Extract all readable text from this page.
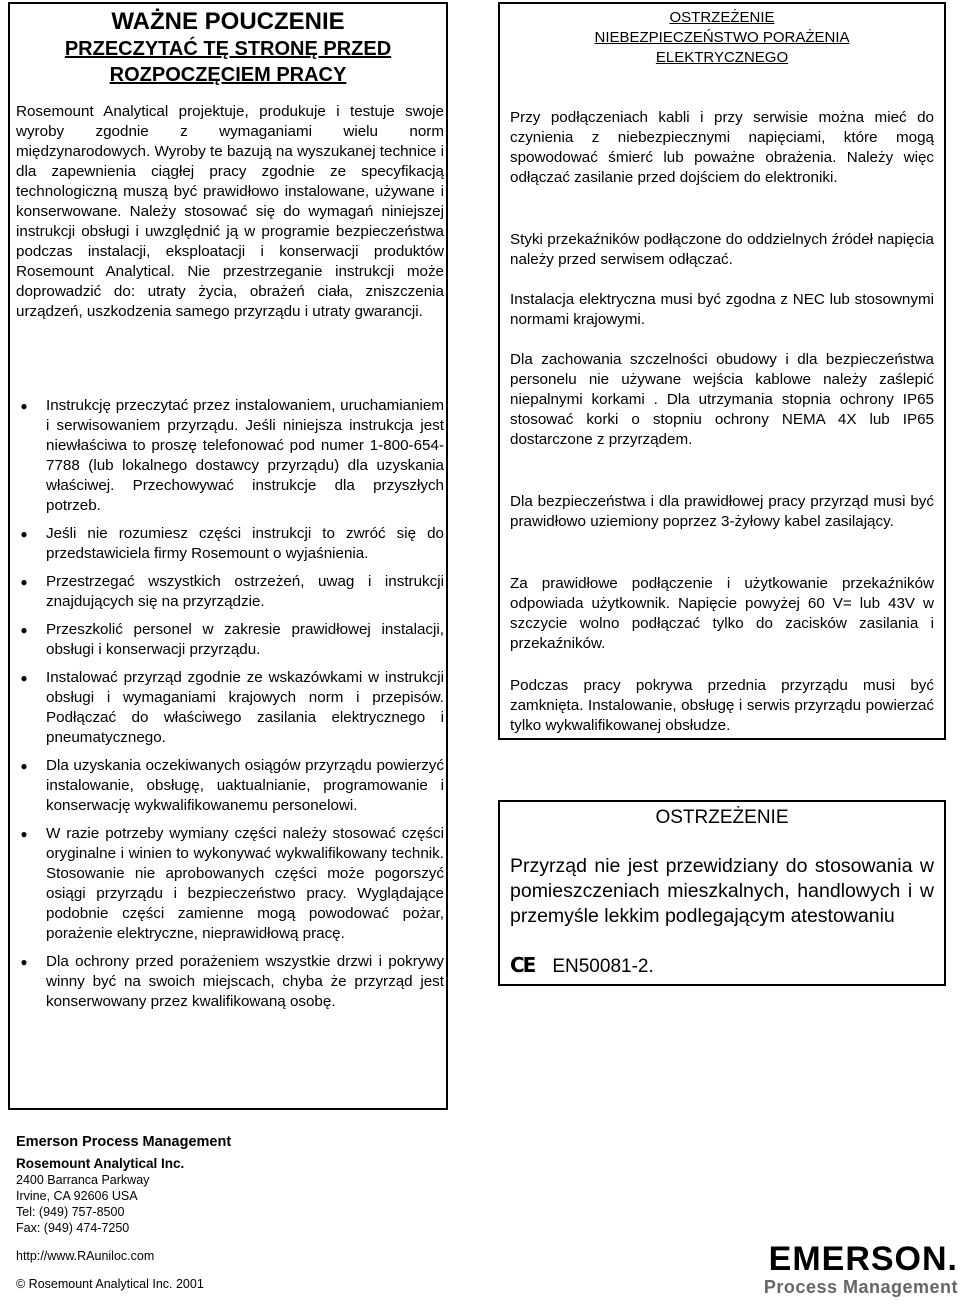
WAŻNE POUCZENIE
PRZECZYTAĆ TĘ STRONĘ PRZED
ROZPOCZĘCIEM PRACY

Rosemount Analytical projektuje, produkuje i testuje swoje wyroby zgodnie z wymaganiami wielu norm międzynarodowych. Wyroby te bazują na wyszukanej technice i dla zapewnienia ciągłej pracy zgodnie ze specyfikacją technologiczną muszą być prawidłowo instalowane, używane i konserwowane. Należy stosować się do wymagań niniejszej instrukcji obsługi i uwzględnić ją w programie bezpieczeństwa podczas instalacji, eksploatacji i konserwacji produktów Rosemount Analytical. Nie przestrzeganie instrukcji może doprowadzić do: utraty życia, obrażeń ciała, zniszczenia urządzeń, uszkodzenia samego przyrządu i utraty gwarancji.

● Instrukcję przeczytać przez instalowaniem, uruchamianiem i serwisowaniem przyrządu. Jeśli niniejsza instrukcja jest niewłaściwa to proszę telefonować pod numer 1-800-654-7788 (lub lokalnego dostawcy przyrządu) dla uzyskania właściwej. Przechowywać instrukcje dla przyszłych potrzeb.
● Jeśli nie rozumiesz części instrukcji to zwróć się do przedstawiciela firmy Rosemount o wyjaśnienia.
● Przestrzegać wszystkich ostrzeżeń, uwag i instrukcji znajdujących się na przyrządzie.
● Przeszkolić personel w zakresie prawidłowej instalacji, obsługi i konserwacji przyrządu.
● Instalować przyrząd zgodnie ze wskazówkami w instrukcji obsługi i wymaganiami krajowych norm i przepisów. Podłączać do właściwego zasilania elektrycznego i pneumatycznego.
● Dla uzyskania oczekiwanych osiągów przyrządu powierzyć instalowanie, obsługę, uaktualnianie, programowanie i konserwację wykwalifikowanemu personelowi.
● W razie potrzeby wymiany części należy stosować części oryginalne i winien to wykonywać wykwalifikowany technik. Stosowanie nie aprobowanych części może pogorszyć osiągi przyrządu i bezpieczeństwo pracy. Wyglądające podobnie części zamienne mogą powodować pożar, porażenie elektryczne, nieprawidłową pracę.
● Dla ochrony przed porażeniem wszystkie drzwi i pokrywy winny być na swoich miejscach, chyba że przyrząd jest konserwowany przez kwalifikowaną osobę.
OSTRZEŻENIE
NIEBEZPIECZEŃSTWO PORAŻENIA
ELEKTRYCZNEGO

Przy podłączeniach kabli i przy serwisie można mieć do czynienia z niebezpiecznymi napięciami, które mogą spowodować śmierć lub poważne obrażenia. Należy więc odłączać zasilanie przed dojściem do elektroniki.

Styki przekaźników podłączone do oddzielnych źródeł napięcia należy przed serwisem odłączać.

Instalacja elektryczna musi być zgodna z NEC lub stosownymi normami krajowymi.

Dla zachowania szczelności obudowy i dla bezpieczeństwa personelu nie używane wejścia kablowe należy zaślepić niepalnymi korkami . Dla utrzymania stopnia ochrony IP65 stosować korki o stopniu ochrony NEMA 4X lub IP65 dostarczone z przyrządem.

Dla bezpieczeństwa i dla prawidłowej pracy przyrząd musi być prawidłowo uziemiony poprzez 3-żyłowy kabel zasilający.

Za prawidłowe podłączenie i użytkowanie przekaźników odpowiada użytkownik. Napięcie powyżej 60 V= lub 43V w szczycie wolno podłączać tylko do zacisków zasilania i przekaźników.

Podczas pracy pokrywa przednia przyrządu musi być zamknięta. Instalowanie, obsługę i serwis przyrządu powierzać tylko wykwalifikowanej obsłudze.

OSTRZEŻENIE

Przyrząd nie jest przewidziany do stosowania w pomieszczeniach mieszkalnych, handlowych i w przemyśle lekkim podlegającym atestowaniu

CE EN50081-2.
Emerson Process Management
Rosemount Analytical Inc.
2400 Barranca Parkway
Irvine, CA 92606 USA
Tel: (949) 757-8500
Fax: (949) 474-7250
http://www.RAuniloc.com
© Rosemount Analytical Inc. 2001
EMERSON.
Process Management
